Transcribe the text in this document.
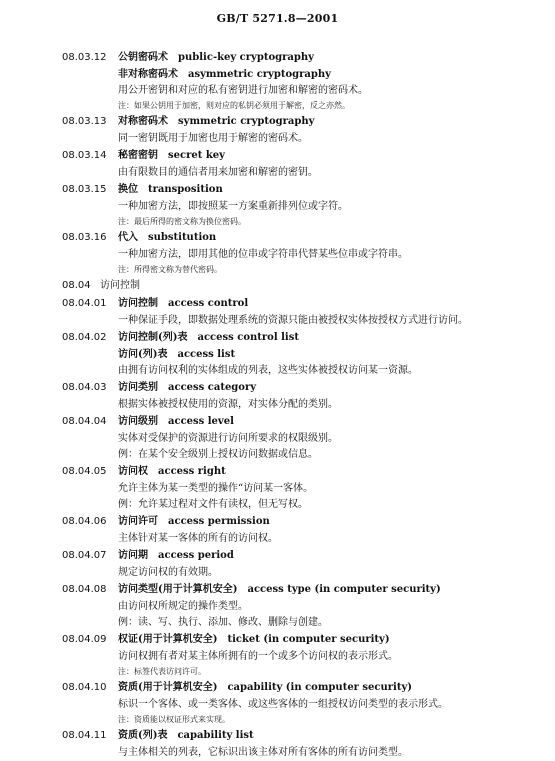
GB/T 5271.8—2001
08.03.12	公钥密码术 public-key cryptography
非对称密码术 asymmetric cryptography
用公开密钥和对应的私有密钥进行加密和解密的密码术。
注：如果公钥用于加密，则对应的私钥必须用于解密，反之亦然。
08.03.13	对称密码术 symmetric cryptography
同一密钥既用于加密也用于解密的密码术。
08.03.14	秘密密钥 secret key
由有限数目的通信者用来加密和解密的密钥。
08.03.15	换位 transposition
一种加密方法，即按照某一方案重新排列位或字符。
注：最后所得的密文称为换位密码。
08.03.16	代入 substitution
一种加密方法，即用其他的位串或字符串代替某些位串或字符串。
注：所得密文称为替代密码。
08.04 访问控制
08.04.01	访问控制 access control
一种保证手段，即数据处理系统的资源只能由被授权实体按授权方式进行访问。
08.04.02	访问控制(列)表 access control list
访问(列)表 access list
由拥有访问权利的实体组成的列表，这些实体被授权访问某一资源。
08.04.03	访问类别 access category
根据实体被授权使用的资源，对实体分配的类别。
08.04.04	访问级别 access level
实体对受保护的资源进行访问所要求的权限级别。
例：在某个安全级别上授权访问数据或信息。
08.04.05	访问权 access right
允许主体为某一类型的操作“访问某一客体。
例：允许某过程对文件有读权，但无写权。
08.04.06	访问许可 access permission
主体针对某一客体的所有的访问权。
08.04.07	访问期 access period
规定访问权的有效期。
08.04.08	访问类型(用于计算机安全) access type (in computer security)
由访问权所规定的操作类型。
例：读、写、执行、添加、修改、删除与创建。
08.04.09	权证(用于计算机安全) ticket (in computer security)
访问权拥有者对某主体所拥有的一个或多个访问权的表示形式。
注：标签代表访问许可。
08.04.10	资质(用于计算机安全) capability (in computer security)
标识一个客体、或一类客体、或这些客体的一组授权访问类型的表示形式。
注：资质能以权证形式来实现。
08.04.11	资质(列)表 capability list
与主体相关的列表，它标识出该主体对所有客体的所有访问类型。
